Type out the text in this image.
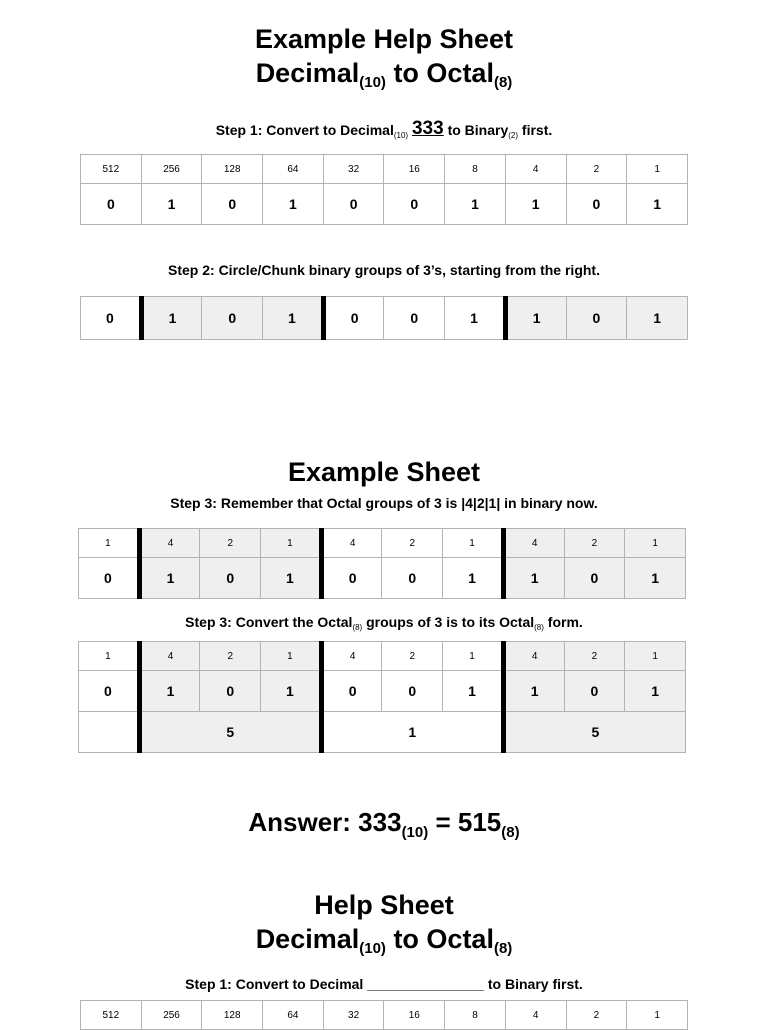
Example Help Sheet
Decimal$_{(10)}$ to Octal$_{(8)}$
Step 1: Convert to Decimal$_{(10)}$ 333 to Binary$_{(2)}$ first.
512	256	128	64	32	16	8	4	2	1
0	1	0	1	0	0	1	1	0	1
Step 2: Circle/Chunk binary groups of 3’s, starting from the right.
0	1	0	1	0	0	1	1	0	1
Example Sheet
Step 3: Remember that Octal groups of 3 is |4|2|1| in binary now.
1	4	2	1	4	2	1	4	2	1
0	1	0	1	0	0	1	1	0	1
Step 3: Convert the Octal$_{(8)}$ groups of 3 is to its Octal$_{(8)}$ form.
1	4	2	1	4	2	1	4	2	1
0	1	0	1	0	0	1	1	0	1
	5			1			5		
Answer: $333_{(10)} = 515_{(8)}$
Help Sheet
Decimal$_{(10)}$ to Octal$_{(8)}$
Step 1: Convert to Decimal _______________ to Binary first.
512	256	128	64	32	16	8	4	2	1
